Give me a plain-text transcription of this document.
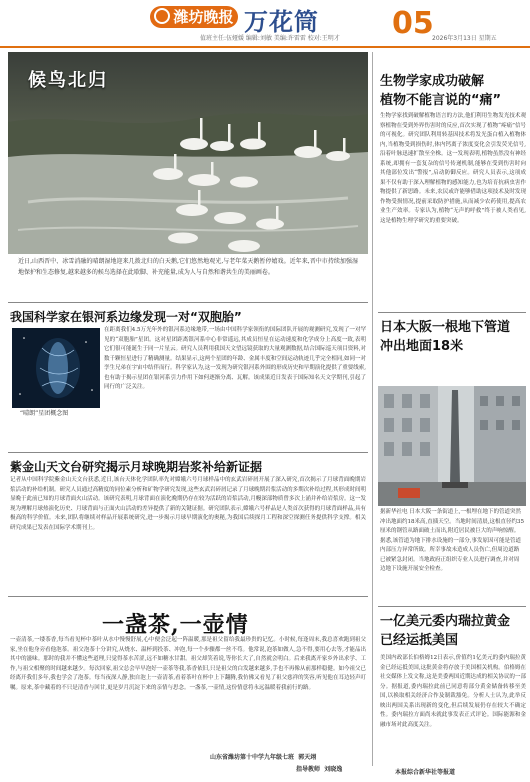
潍坊晚报 万花筒
值班主任:伍娅媛 编辑:刘敏 美编:许雷雷 校对:王明才 05
2026年3月13日 星期五
候鸟北归
近日,山西晋中、冰雪消融的晴朗湿地迎来几拨北归的白天鹅,它们悠然地观光,与老年菜天鹅暂停嬉戏。近年来,晋中市持续加强湿地保护和生态修复,越来越多的候鸟选择在此歇脚、补充能量,成为人与自然和谐共生的美丽画卷。
生物学家成功破解
植物不能言说的“痛”
生物学家找到破解植物语言的方法,他们利用生物发光技术观察植物在受到外界伤害时的反应,首次实现了植物“疼痛”信号的可视化。研究团队利用转基因技术将发光蛋白植入植物体内,当植物受到损伤时,体内钙离子浓度变化会引发荧光信号,沿着叶脉迅速扩散至全株。这一发现表明,植物虽然没有神经系统,却拥有一套复杂的信号传递机制,能够在受到伤害时向其他部位发出“警报”,启动防御反应。研究人员表示,这项成果不仅有助于深入理解植物的感知能力,也为培育抗病虫害作物提供了新思路。未来,农民或许能够借助这项技术及时发现作物受损情况,提前采取防护措施,从而减少农药使用,提高农业生产效率。专家认为,植物“无声的呼救”终于被人类看见,这是植物生理学研究的重要突破。
日本大阪一根地下管道
冲出地面18米
据新华社电 日本大阪一条街道上,一根埋在地下的管道突然冲出地面约18米高,直插天空。当地时间清晨,这根直径约35厘米的钢管从路面破土而出,附近居民被巨大的声响惊醒。据悉,该管道为地下排水设施的一部分,事发原因可能是管道内部压力异常所致。所幸事故未造成人员伤亡,但周边道路已被紧急封闭。当地政府正组织专业人员进行调查,并对周边地下设施开展安全检查。
一亿美元委内瑞拉黄金
已经运抵美国
美国内政部长伯格姆12日表示,价值约1亿美元的委内瑞拉黄金已经运抵美国,这批黄金将存放于美国相关机构。伯格姆在社交媒体上发文称,这是美委两国近期达成的相关协议的一部分。据报道,委内瑞拉此前已同意将部分黄金储备转移至美国,以换取相关经济合作及制裁豁免。分析人士认为,此举反映出两国关系出现新的变化,但后续发展仍存在较大不确定性。委内瑞拉方面尚未就此事发表正式评论。国际能源和金融市场对此高度关注。
我国科学家在银河系边缘发现一对“双胞胎”
“晴朗”星团概念图
在距离我们4.5万光年外的银河系边缘地带,一场由中国科学家领衔的国际团队开展的观测研究,发现了一对罕见的“双胞胎”星团。这对星团距离银河系中心非常遥远,其成员恒星在运动速度和化学成分上高度一致,表明它们很可能诞生于同一片星云。研究人员利用我国天文望远镜获取的大量观测数据,结合国际巡天项目资料,对数千颗恒星进行了精确测量。结果显示,这两个星团的年龄、金属丰度和空间运动轨迹几乎完全相同,如同一对孪生兄弟在宇宙中结伴而行。科学家认为,这一发现为研究银河系外围的形成历史和早期演化提供了重要线索,也有助于揭示星团在银河系引力作用下如何逐渐分离、瓦解。该成果近日发表于国际知名天文学期刊,引起了同行的广泛关注。
紫金山天文台研究揭示月球晚期岩浆补给新证据
记者从中国科学院紫金山天文台获悉,近日,该台天体化学团队率先对嫦娥六号月球样品中的玄武岩碎屑开展了深入研究,首次揭示了月球背面晚期岩浆活动的补给机制。研究人员通过高精度的同位素分析和矿物学研究发现,这些玄武岩碎屑记录了月球晚期岩浆活动的多期次补给过程,其形成时间明显晚于此前已知的月球背面火山活动。该研究表明,月球背面在演化晚期仍存在较为活跃的岩浆活动,月幔深部物质曾多次上涌并补给岩浆房。这一发现为理解月球热演化历史、月球背面与正面火山活动的差异提供了新的关键证据。研究团队表示,嫦娥六号样品是人类首次获得的月球背面样品,具有极高的科学价值。未来,团队将继续对样品开展系统研究,进一步揭示月球早期演化的奥秘,为我国后续探月工程和深空探测任务提供科学支撑。相关研究成果已发表在国际学术期刊上。
一盏茶,一壶情
一壶清茶,一缕茶香,每当看见杯中茶叶从水中慢慢舒展,心中便会泛起一阵温暖,那是祖父留给我最珍贵的记忆。小时候,每逢周末,我总喜欢跑到祖父家,坐在他身旁看他泡茶。祖父泡茶十分讲究,从烧水、温杯到投茶、冲泡,每一个步骤都一丝不苟。他常说,泡茶如做人,急不得,要用心去等,才能品出其中的滋味。那时的我并不懂这些道理,只觉得茶水苦涩,远不如糖水甘甜。祖父却笑着说,等你长大了,自然就会明白。后来我离开家乡外出求学、工作,与祖父相聚的时间越来越少。每次回家,祖父总会早早泡好一壶茶等我,茶香依旧,只是祖父的白发越来越多,手也不再像从前那样稳健。如今祖父已经离开我们多年,我也学会了泡茶。每当夜深人静,独自泡上一壶清茶,看着茶叶在杯中上下翻腾,我仿佛又看见了祖父慈祥的笑容,听见他在耳边轻声叮嘱。原来,茶中藏着的不只是清香与回甘,更是岁月沉淀下来的亲情与思念。一盏茶,一壶情,这份情意将永远温暖着我前行的路。
山东省潍坊第十中学九年级七班 郭天翊
指导教师 刘晓逸	本报综合新华社等报道
